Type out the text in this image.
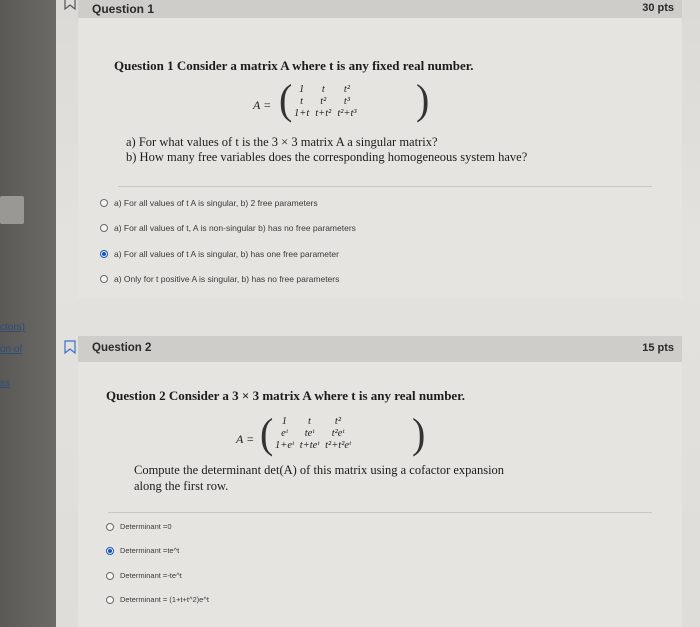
ctors)
on of
ss
Question 1	30 pts
Question 1 Consider a matrix A where t is any fixed real number.
A = ( 1	t	t²
t	t²	t³
1+t	t+t²	t²+t³ )
a) For what values of t is the 3 × 3 matrix A a singular matrix?
b) How many free variables does the corresponding homogeneous system have?
a) For all values of t A is singular, b) 2 free parameters
a) For all values of t, A is non-singular b) has no free parameters
a) For all values of t A is singular, b) has one free parameter
a) Only for t positive A is singular, b) has no free parameters
Question 2	15 pts
Question 2 Consider a 3 × 3 matrix A where t is any real number.
A = ( 1	t	t²
eᵗ	teᵗ	t²eᵗ
1+eᵗ	t+teᵗ	t²+t²eᵗ )
Compute the determinant det(A) of this matrix using a cofactor expansion
along the first row.
Determinant =0
Determinant =te^t
Determinant =-te^t
Determinant = (1+t+t^2)e^t
